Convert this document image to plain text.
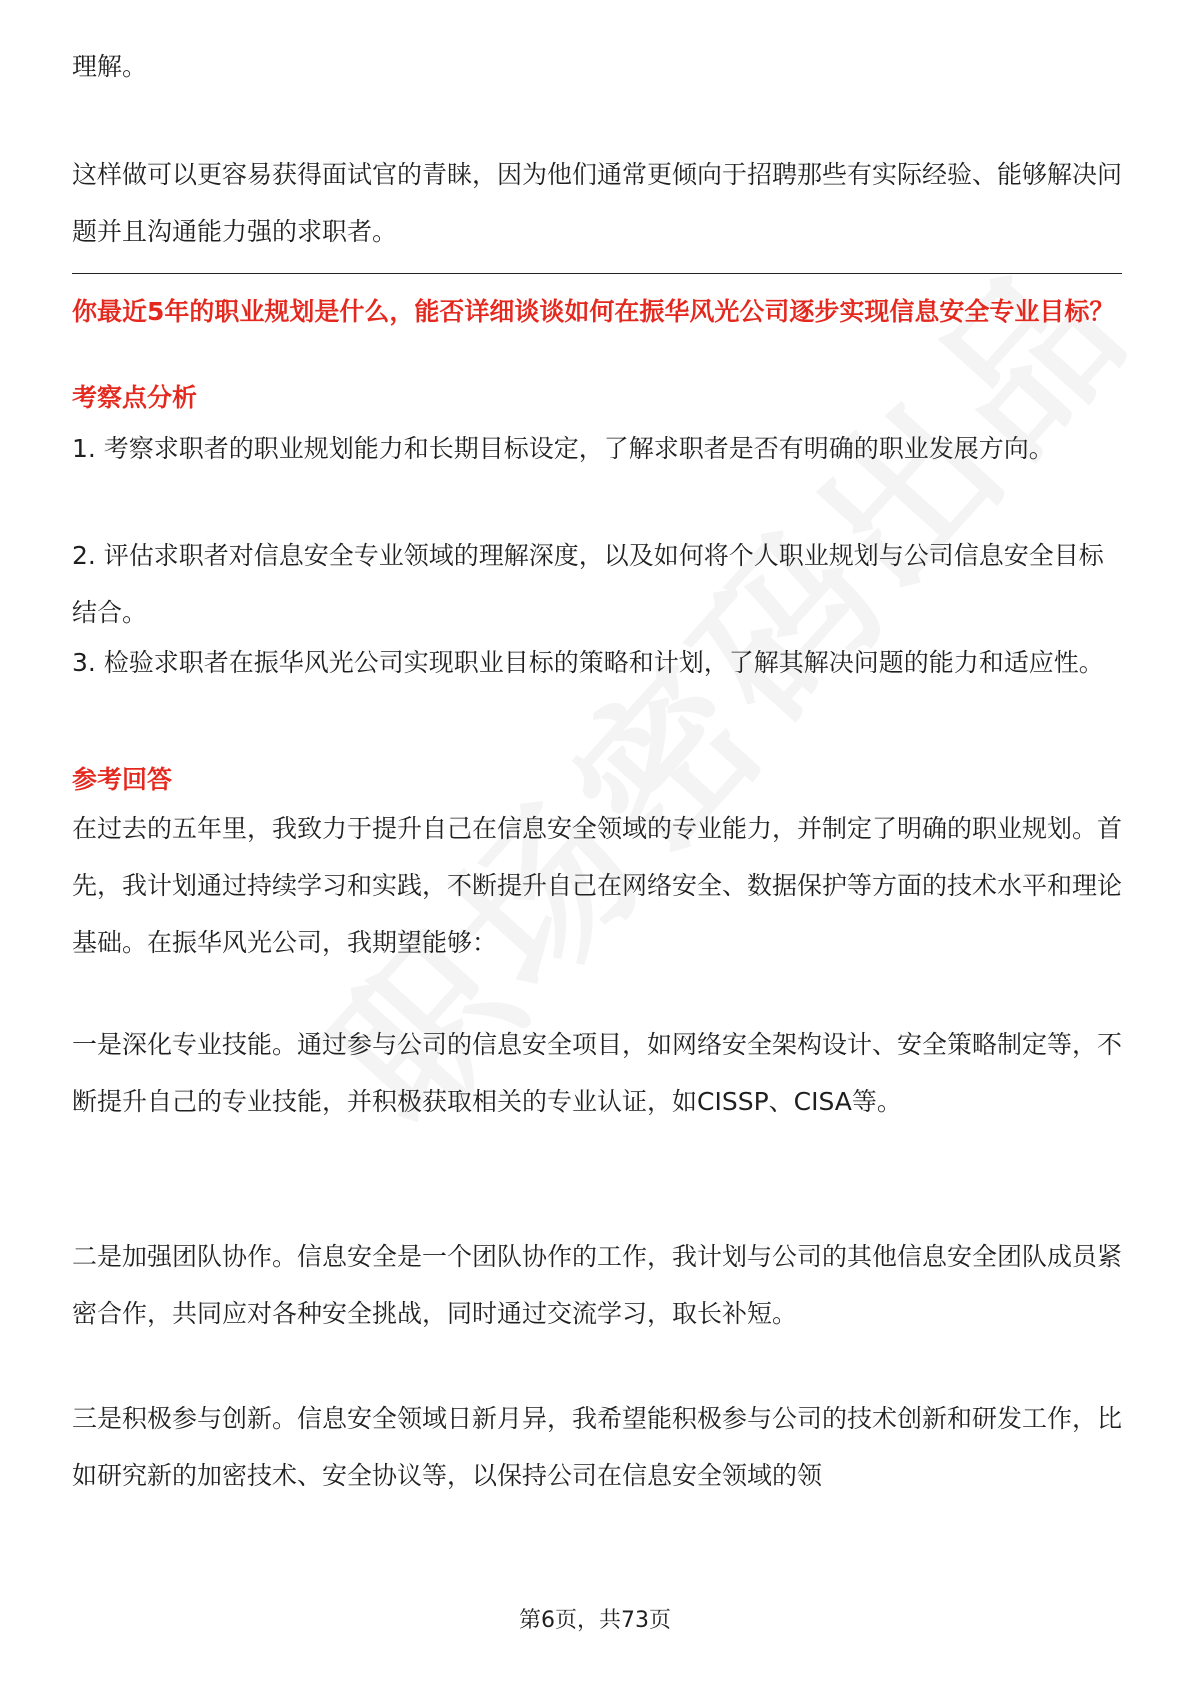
理解。

这样做可以更容易获得面试官的青睐，因为他们通常更倾向于招聘那些有实际经验、能够解决问题并且沟通能力强的求职者。

你最近5年的职业规划是什么，能否详细谈谈如何在振华风光公司逐步实现信息安全专业目标？

考察点分析

1. 考察求职者的职业规划能力和长期目标设定，了解求职者是否有明确的职业发展方向。

2. 评估求职者对信息安全专业领域的理解深度，以及如何将个人职业规划与公司信息安全目标结合。

3. 检验求职者在振华风光公司实现职业目标的策略和计划，了解其解决问题的能力和适应性。

参考回答

在过去的五年里，我致力于提升自己在信息安全领域的专业能力，并制定了明确的职业规划。首先，我计划通过持续学习和实践，不断提升自己在网络安全、数据保护等方面的技术水平和理论基础。在振华风光公司，我期望能够：

一是深化专业技能。通过参与公司的信息安全项目，如网络安全架构设计、安全策略制定等，不断提升自己的专业技能，并积极获取相关的专业认证，如CISSP、CISA等。

二是加强团队协作。信息安全是一个团队协作的工作，我计划与公司的其他信息安全团队成员紧密合作，共同应对各种安全挑战，同时通过交流学习，取长补短。

三是积极参与创新。信息安全领域日新月异，我希望能积极参与公司的技术创新和研发工作，比如研究新的加密技术、安全协议等，以保持公司在信息安全领域的领

第6页，共73页
